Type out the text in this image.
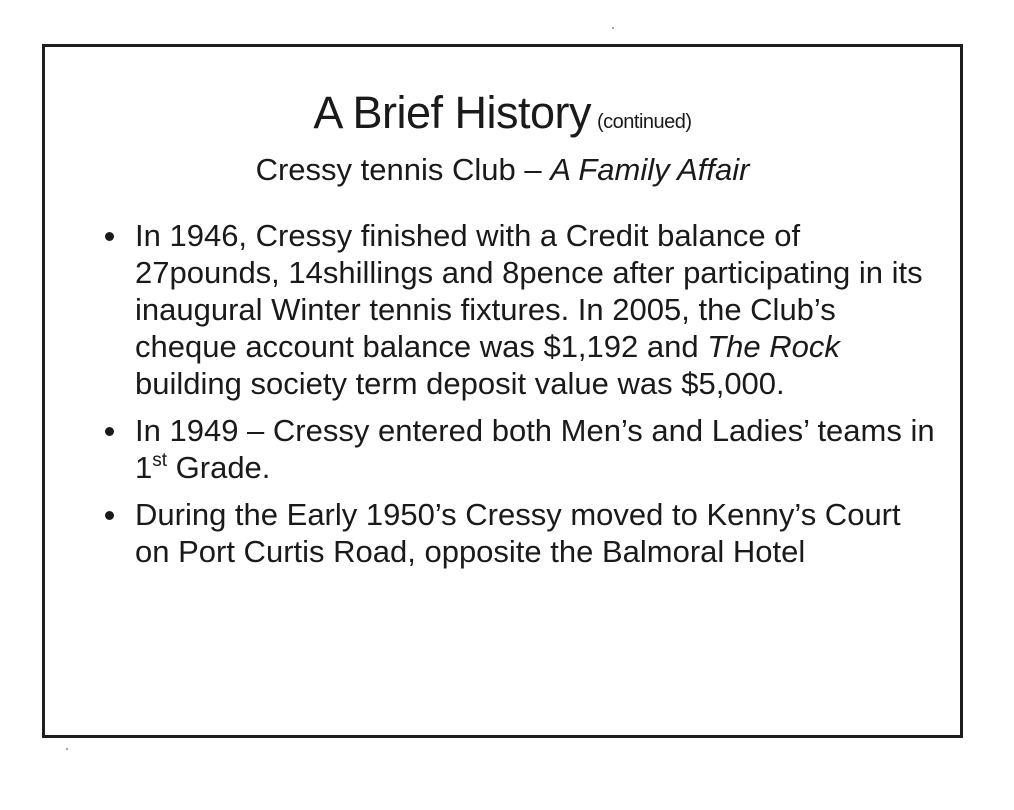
A Brief History (continued)
Cressy tennis Club – A Family Affair
In 1946, Cressy finished with a Credit balance of 27pounds, 14shillings and 8pence after participating in its inaugural Winter tennis fixtures. In 2005, the Club’s cheque account balance was $1,192 and The Rock building society term deposit value was $5,000.
In 1949 – Cressy entered both Men’s and Ladies’ teams in 1st Grade.
During the Early 1950’s Cressy moved to Kenny’s Court on Port Curtis Road, opposite the Balmoral Hotel
